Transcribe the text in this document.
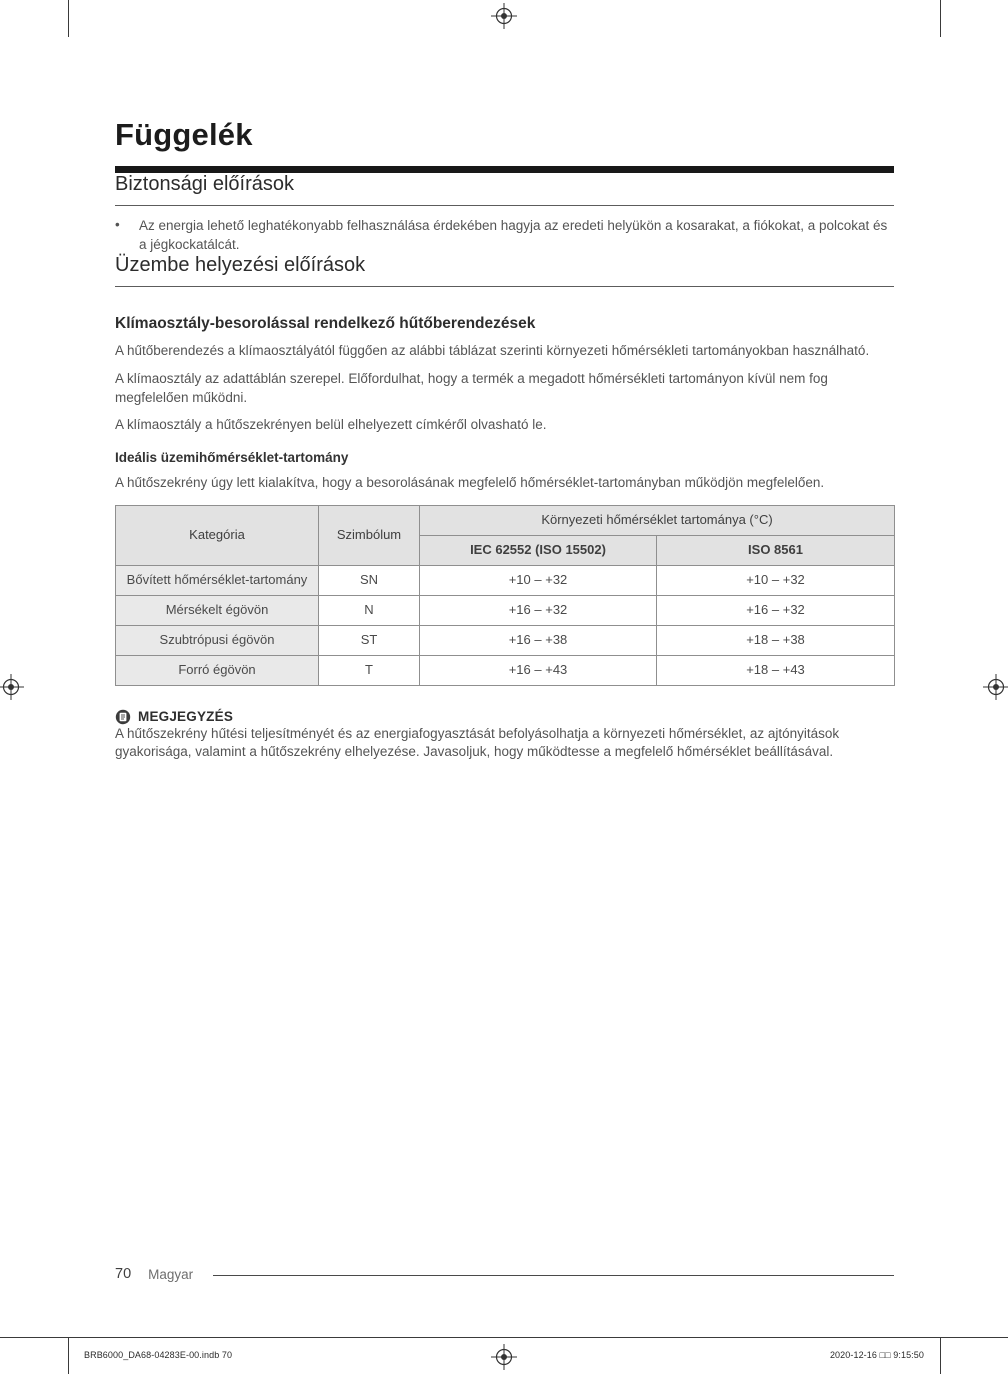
Függelék
Biztonsági előírások
•	Az energia lehető leghatékonyabb felhasználása érdekében hagyja az eredeti helyükön a kosarakat, a fiókokat, a polcokat és a jégkockatálcát.

Üzembe helyezési előírások
Klímaosztály-besorolással rendelkező hűtőberendezések

A hűtőberendezés a klímaosztályától függően az alábbi táblázat szerinti környezeti hőmérsékleti tartományokban használható.

A klímaosztály az adattáblán szerepel. Előfordulhat, hogy a termék a megadott hőmérsékleti tartományon kívül nem fog megfelelően működni.

A klímaosztály a hűtőszekrényen belül elhelyezett címkéről olvasható le.

Ideális üzemihőmérséklet-tartomány

A hűtőszekrény úgy lett kialakítva, hogy a besorolásának megfelelő hőmérséklet-tartományban működjön megfelelően.

Kategória	Szimbólum	Környezeti hőmérséklet tartománya (°C)	
		IEC 62552 (ISO 15502)	ISO 8561
Bővített hőmérséklet-tartomány	SN	+10 – +32	+10 – +32
Mérsékelt égövön	N	+16 – +32	+16 – +32
Szubtrópusi égövön	ST	+16 – +38	+18 – +38
Forró égövön	T	+16 – +43	+18 – +43
MEGJEGYZÉS

A hűtőszekrény hűtési teljesítményét és az energiafogyasztását befolyásolhatja a környezeti hőmérséklet, az ajtónyitások gyakorisága, valamint a hűtőszekrény elhelyezése. Javasoljuk, hogy működtesse a megfelelő hőmérséklet beállításával.

70 Magyar
BRB6000_DA68-04283E-00.indb 70	2020-12-16 □□ 9:15:50
